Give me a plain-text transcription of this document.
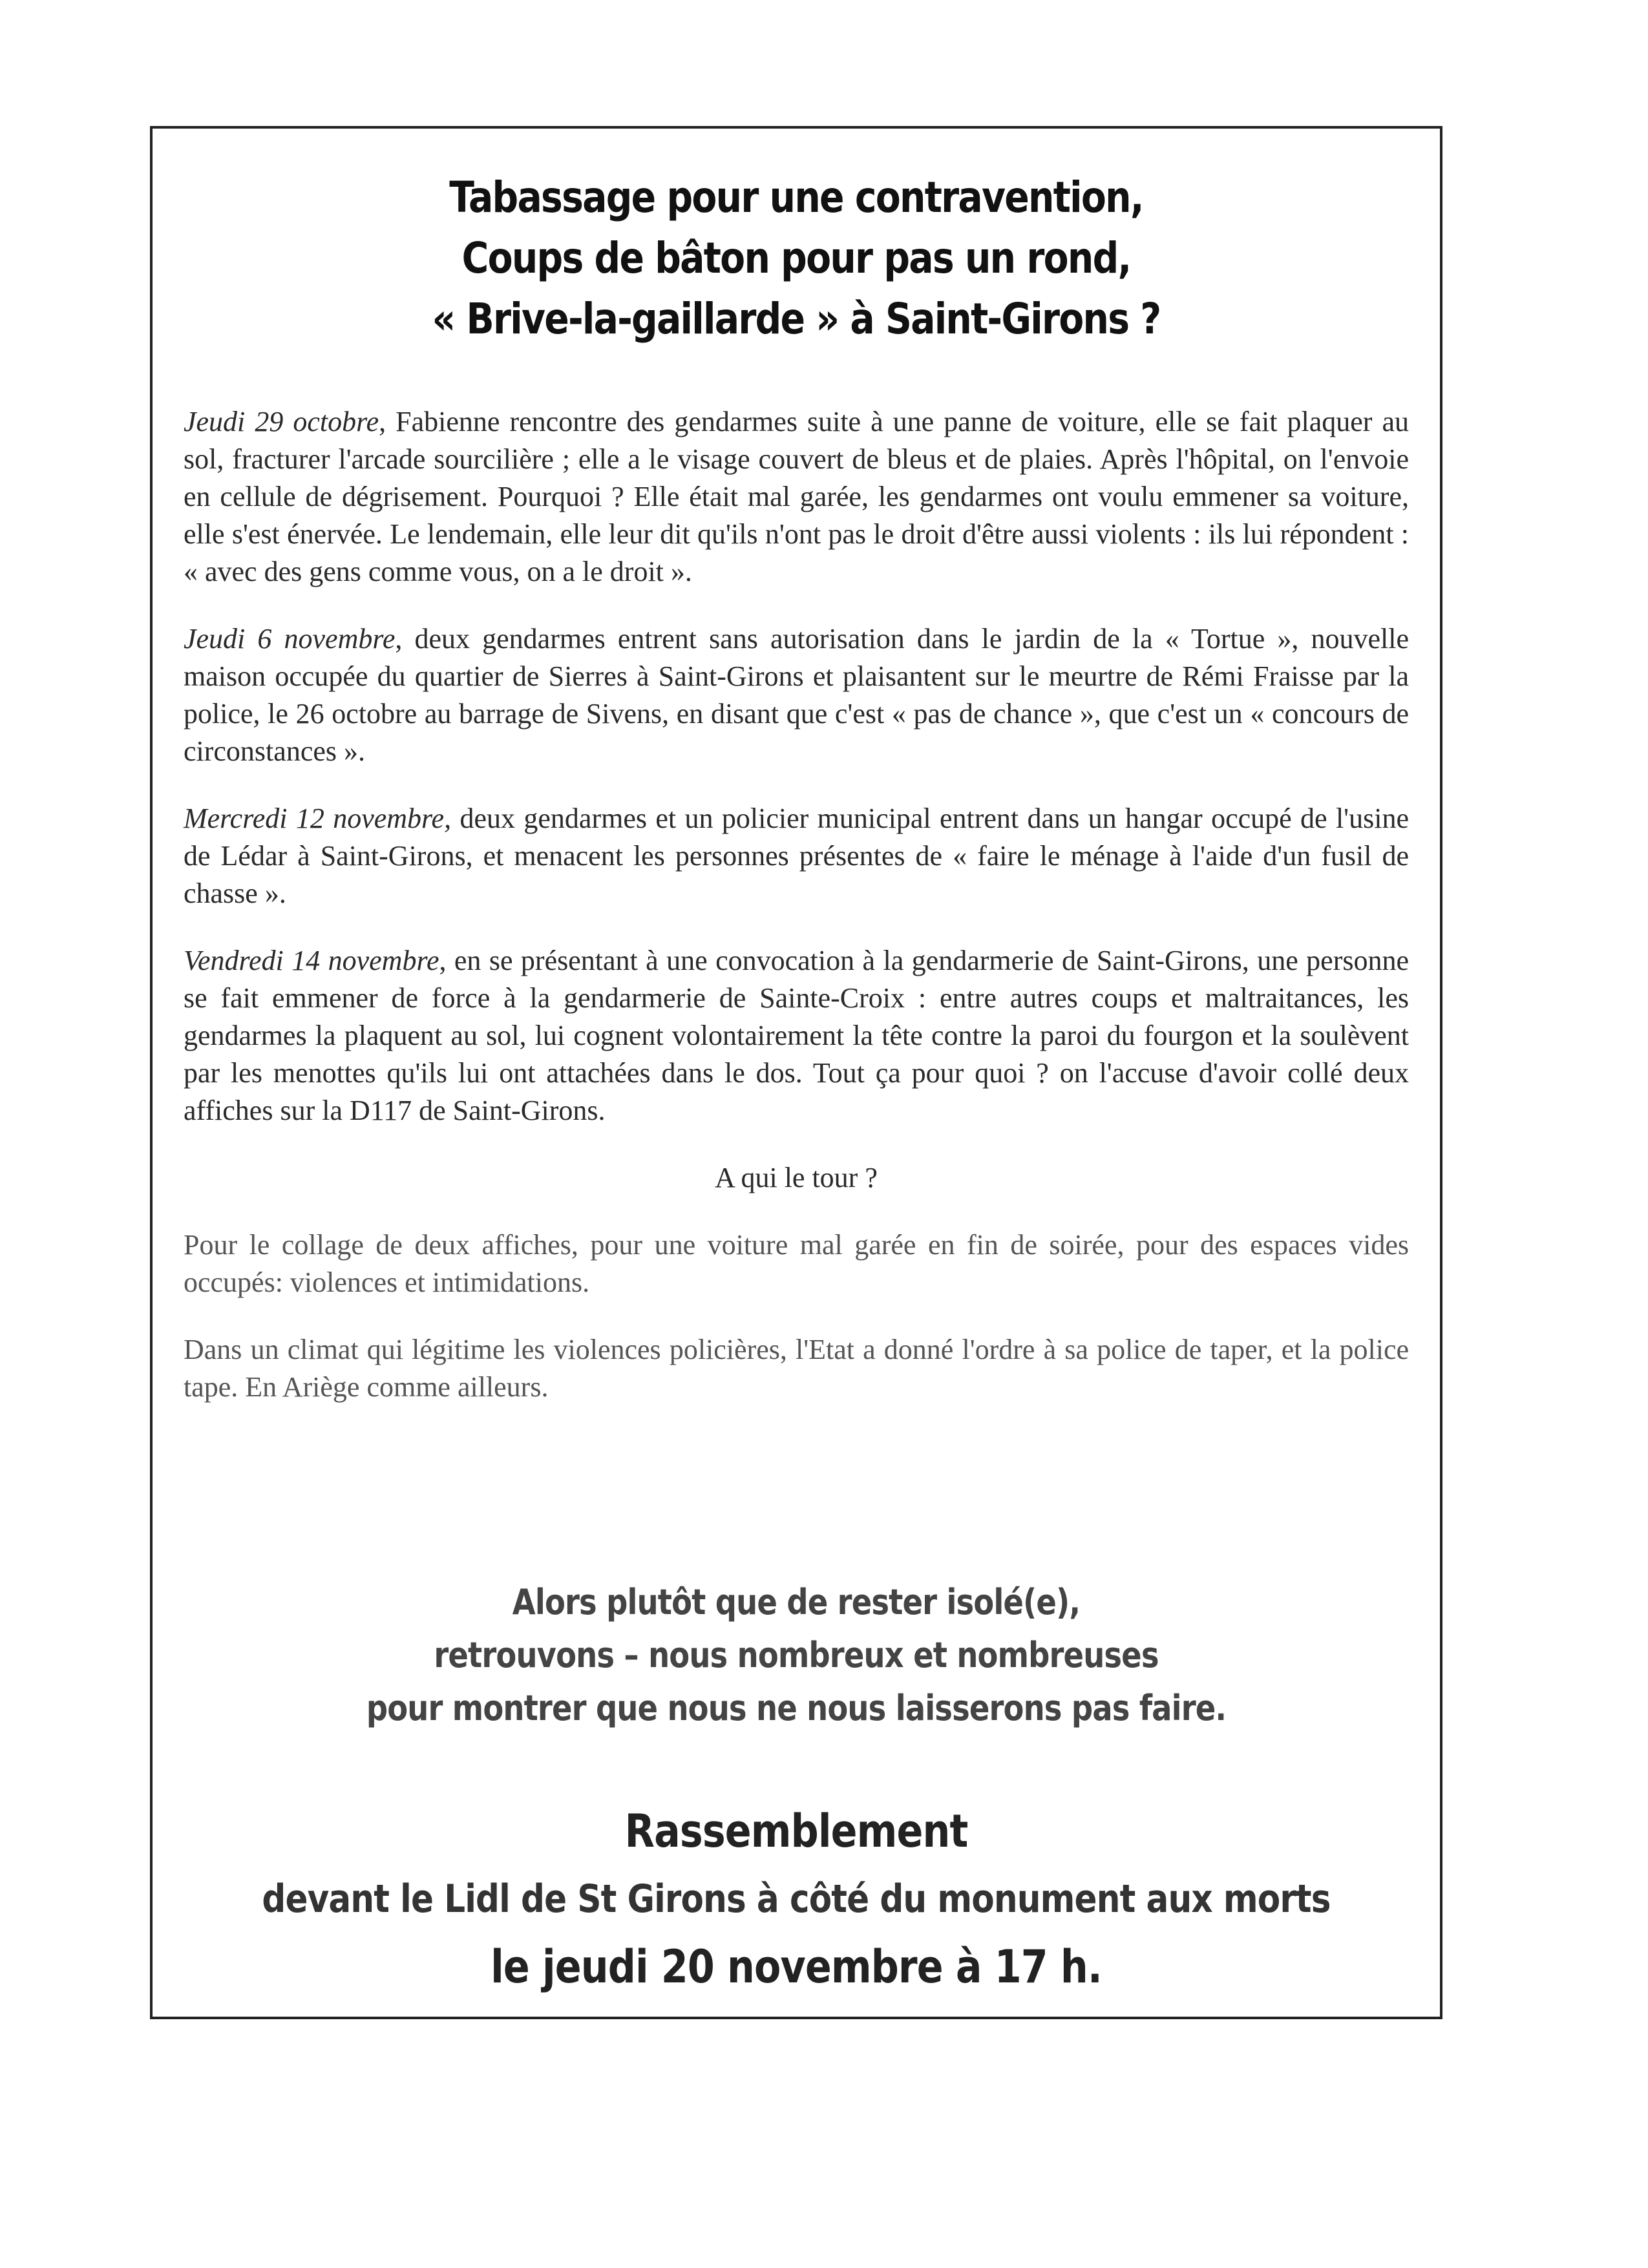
Tabassage pour une contravention,
Coups de bâton pour pas un rond,
« Brive-la-gaillarde » à Saint-Girons ?

Jeudi 29 octobre, Fabienne rencontre des gendarmes suite à une panne de voiture, elle se fait plaquer au sol, fracturer l'arcade sourcilière ; elle a le visage couvert de bleus et de plaies. Après l'hôpital, on l'envoie en cellule de dégrisement. Pourquoi ? Elle était mal garée, les gendarmes ont voulu emmener sa voiture, elle s'est énervée. Le lendemain, elle leur dit qu'ils n'ont pas le droit d'être aussi violents : ils lui répondent : « avec des gens comme vous, on a le droit ».

Jeudi 6 novembre, deux gendarmes entrent sans autorisation dans le jardin de la « Tortue », nouvelle maison occupée du quartier de Sierres à Saint-Girons et plaisantent sur le meurtre de Rémi Fraisse par la police, le 26 octobre au barrage de Sivens, en disant que c'est « pas de chance », que c'est un « concours de circonstances ».

Mercredi 12 novembre, deux gendarmes et un policier municipal entrent dans un hangar occupé de l'usine de Lédar à Saint-Girons, et menacent les personnes présentes de « faire le ménage à l'aide d'un fusil de chasse ».

Vendredi 14 novembre, en se présentant à une convocation à la gendarmerie de Saint-Girons, une personne se fait emmener de force à la gendarmerie de Sainte-Croix : entre autres coups et maltraitances, les gendarmes la plaquent au sol, lui cognent volontairement la tête contre la paroi du fourgon et la soulèvent par les menottes qu'ils lui ont attachées dans le dos. Tout ça pour quoi ? on l'accuse d'avoir collé deux affiches sur la D117 de Saint-Girons.

A qui le tour ?

Pour le collage de deux affiches, pour une voiture mal garée en fin de soirée, pour des espaces vides occupés: violences et intimidations.

Dans un climat qui légitime les violences policières, l'Etat a donné l'ordre à sa police de taper, et la police tape. En Ariège comme ailleurs.

Alors plutôt que de rester isolé(e),
retrouvons – nous nombreux et nombreuses
pour montrer que nous ne nous laisserons pas faire.
Rassemblement
devant le Lidl de St Girons à côté du monument aux morts
le jeudi 20 novembre à 17 h.
